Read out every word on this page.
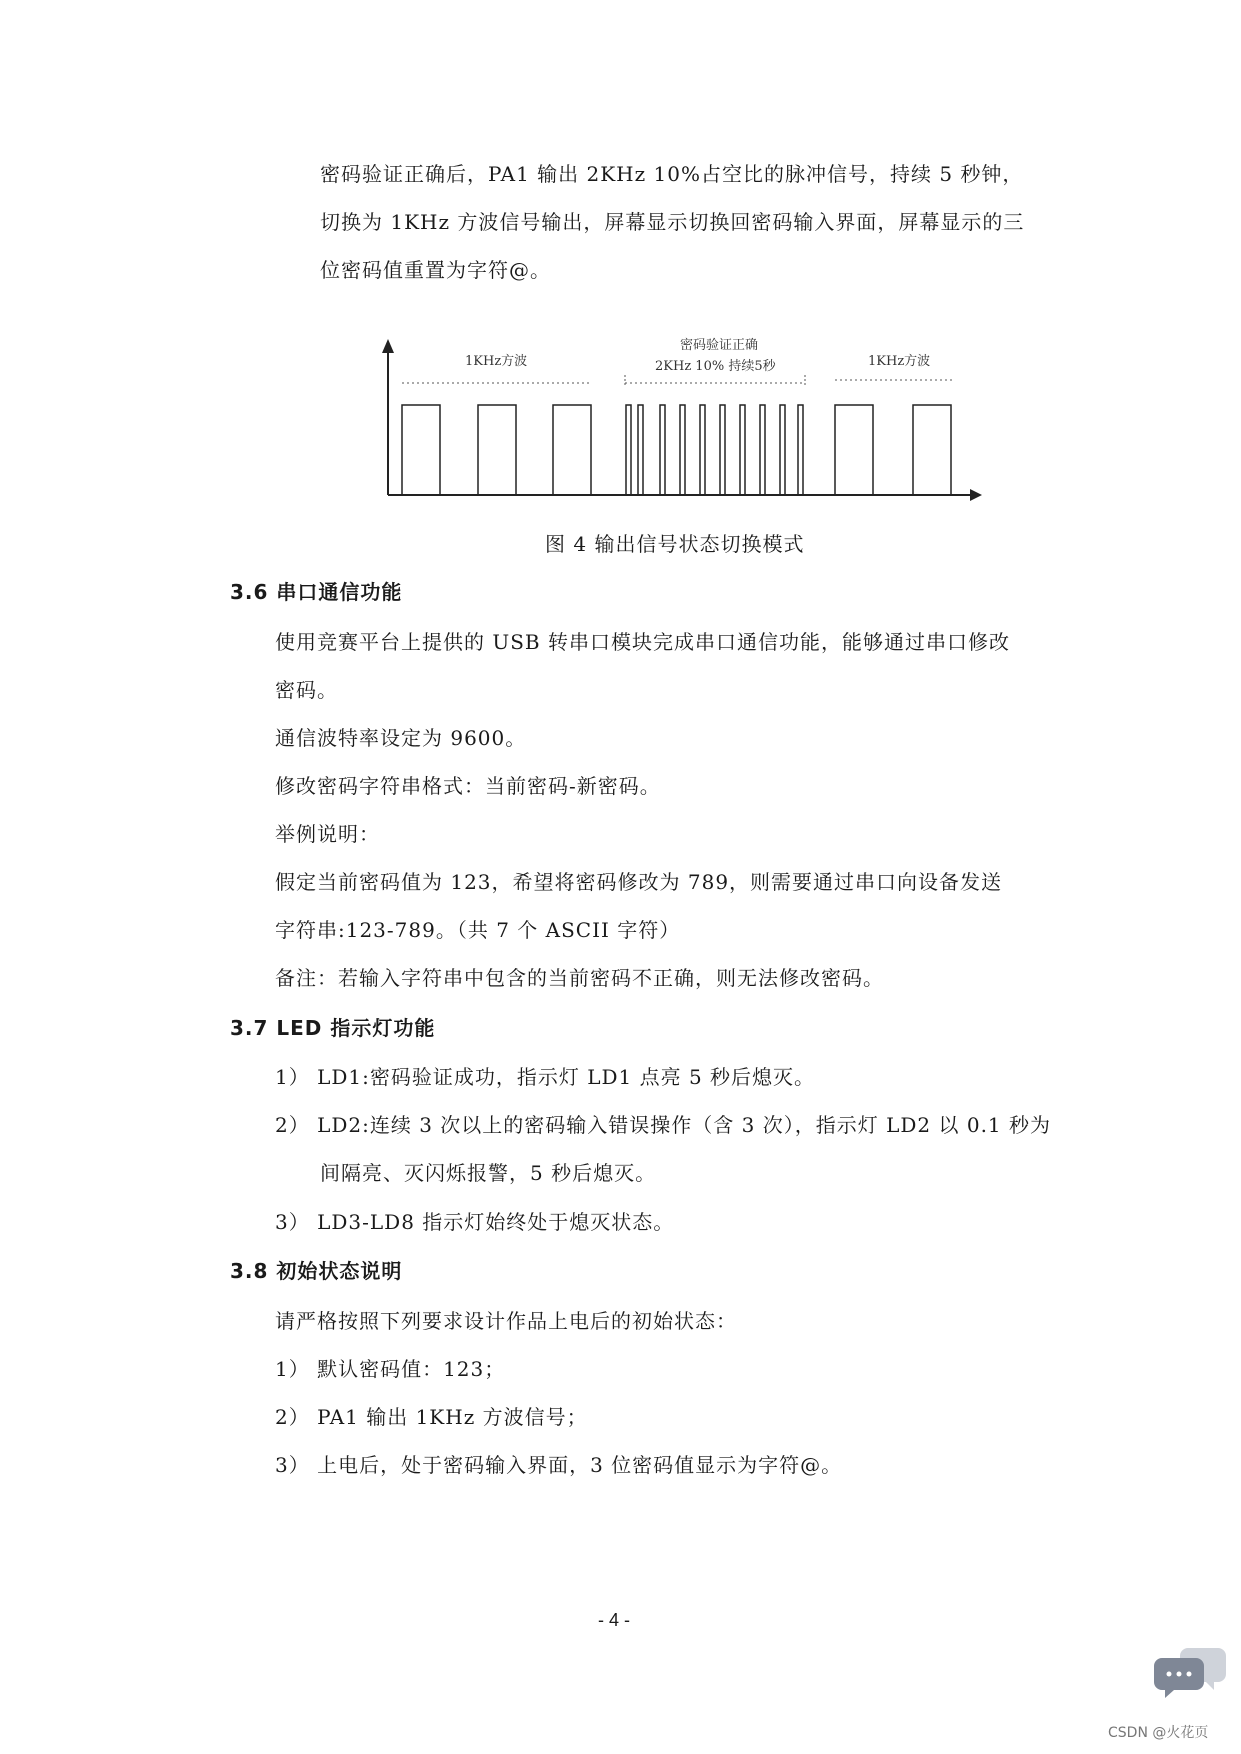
密码验证正确后，PA1 输出 2KHz 10%占空比的脉冲信号，持续 5 秒钟，
切换为 1KHz 方波信号输出，屏幕显示切换回密码输入界面，屏幕显示的三
位密码值重置为字符@。
1KHz方波
密码验证正确
2KHz 10% 持续5秒	1KHz方波
图 4 输出信号状态切换模式
3.6 串口通信功能
使用竞赛平台上提供的 USB 转串口模块完成串口通信功能，能够通过串口修改
密码。
通信波特率设定为 9600。
修改密码字符串格式：当前密码-新密码。
举例说明：
假定当前密码值为 123，希望将密码修改为 789，则需要通过串口向设备发送
字符串:123-789。（共 7 个 ASCII 字符）
备注：若输入字符串中包含的当前密码不正确，则无法修改密码。
3.7 LED 指示灯功能
1） LD1:密码验证成功，指示灯 LD1 点亮 5 秒后熄灭。
2） LD2:连续 3 次以上的密码输入错误操作（含 3 次），指示灯 LD2 以 0.1 秒为
间隔亮、灭闪烁报警，5 秒后熄灭。
3） LD3-LD8 指示灯始终处于熄灭状态。
3.8 初始状态说明
请严格按照下列要求设计作品上电后的初始状态：
1） 默认密码值：123；
2） PA1 输出 1KHz 方波信号；
3） 上电后，处于密码输入界面，3 位密码值显示为字符@。
- 4 -
CSDN @火花页
